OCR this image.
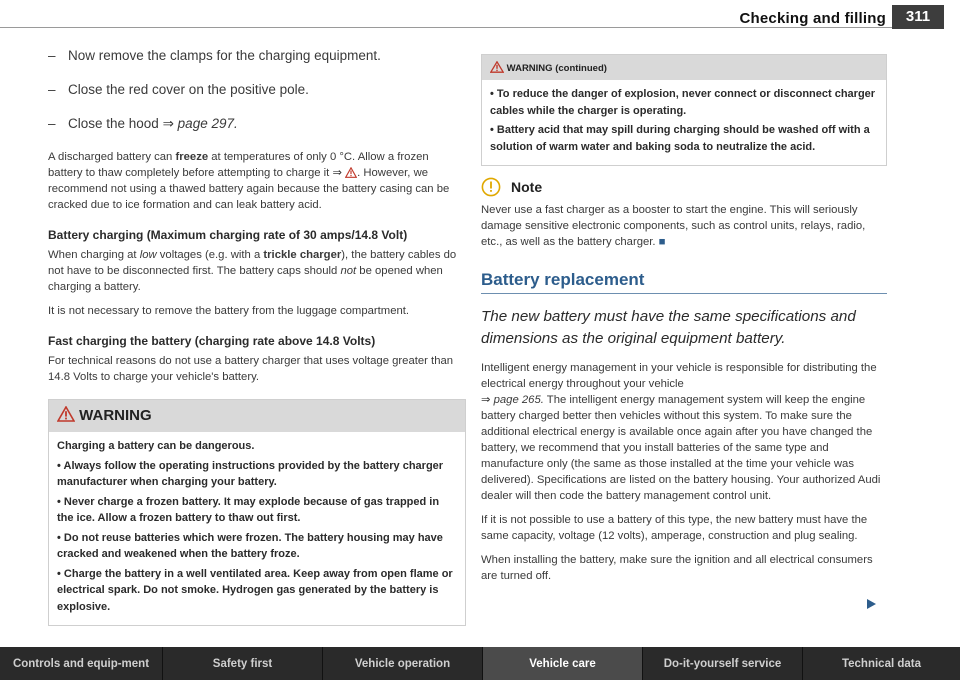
Checking and filling	311
– Now remove the clamps for the charging equipment.
– Close the red cover on the positive pole.
– Close the hood ⇒ page 297.

A discharged battery can freeze at temperatures of only 0 °C. Allow a frozen battery to thaw completely before attempting to charge it ⇒ . However, we recommend not using a thawed battery again because the battery casing can be cracked due to ice formation and can leak battery acid.

Battery charging (Maximum charging rate of 30 amps/14.8 Volt)

When charging at low voltages (e.g. with a trickle charger), the battery cables do not have to be disconnected first. The battery caps should not be opened when charging a battery.

It is not necessary to remove the battery from the luggage compartment.

Fast charging the battery (charging rate above 14.8 Volts)

For technical reasons do not use a battery charger that uses voltage greater than 14.8 Volts to charge your vehicle's battery.

WARNING
Charging a battery can be dangerous.
• Always follow the operating instructions provided by the battery charger manufacturer when charging your battery.
• Never charge a frozen battery. It may explode because of gas trapped in the ice. Allow a frozen battery to thaw out first.
• Do not reuse batteries which were frozen. The battery housing may have cracked and weakened when the battery froze.
• Charge the battery in a well ventilated area. Keep away from open flame or electrical spark. Do not smoke. Hydrogen gas generated by the battery is explosive.
WARNING (continued)
• To reduce the danger of explosion, never connect or disconnect charger cables while the charger is operating.
• Battery acid that may spill during charging should be washed off with a solution of warm water and baking soda to neutralize the acid.
Note

Never use a fast charger as a booster to start the engine. This will seriously damage sensitive electronic components, such as control units, relays, radio, etc., as well as the battery charger. ■

Battery replacement
The new battery must have the same specifications and dimensions as the original equipment battery.

Intelligent energy management in your vehicle is responsible for distributing the electrical energy throughout your vehicle
⇒ page 265. The intelligent energy management system will keep the engine battery charged better then vehicles without this system. To make sure the additional electrical energy is available once again after you have changed the battery, we recommend that you install batteries of the same type and manufacture only (the same as those installed at the time your vehicle was delivered). Specifications are listed on the battery housing. Your authorized Audi dealer will then code the battery management control unit.

If it is not possible to use a battery of this type, the new battery must have the same capacity, voltage (12 volts), amperage, construction and plug sealing.

When installing the battery, make sure the ignition and all electrical consumers are turned off.

Controls and equip-ment	Safety first	Vehicle operation	Vehicle care	Do-it-yourself service	Technical data
